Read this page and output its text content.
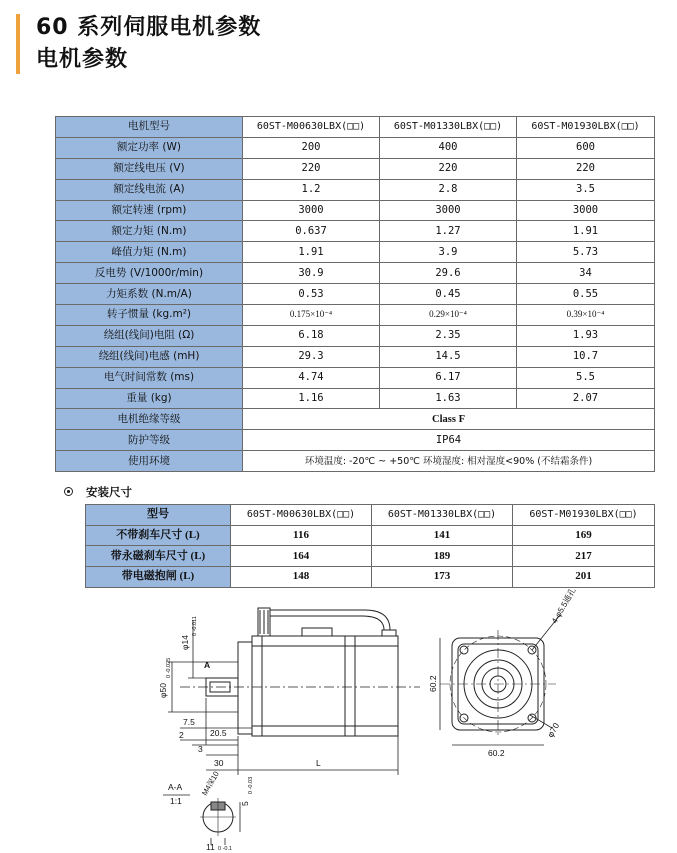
60 系列伺服电机参数
电机参数
电机型号	60ST-M00630LBX(□□)	60ST-M01330LBX(□□)	60ST-M01930LBX(□□)
额定功率 (W)	200	400	600
额定线电压 (V)	220	220	220
额定线电流 (A)	1.2	2.8	3.5
额定转速 (rpm)	3000	3000	3000
额定力矩 (N.m)	0.637	1.27	1.91
峰值力矩 (N.m)	1.91	3.9	5.73
反电势 (V/1000r/min)	30.9	29.6	34
力矩系数 (N.m/A)	0.53	0.45	0.55
转子惯量 (kg.m²)	0.175×10⁻⁴	0.29×10⁻⁴	0.39×10⁻⁴
绕组(线间)电阻 (Ω)	6.18	2.35	1.93
绕组(线间)电感 (mH)	29.3	14.5	10.7
电气时间常数 (ms)	4.74	6.17	5.5
重量 (kg)	1.16	1.63	2.07
电机绝缘等级	Class F		
防护等级	IP64		
使用环境	环境温度: -20℃ ~ +50℃ 环境湿度: 相对湿度<90% (不结霜条件)		
安装尺寸
型号	60ST-M00630LBX(□□)	60ST-M01330LBX(□□)	60ST-M01930LBX(□□)
不带刹车尺寸 (L)	116	141	169
带永磁刹车尺寸 (L)	164	189	217
带电磁抱闸 (L)	148	173	201
φ14
φ50
7.5
2	20.5
3
30	L
A
60.2
60.2
4-φ5.5通孔
φ70
A-A
1:1
M4深10
5
11
0 -0.011
0 -0.025
0 -0.03
0 -0.1
